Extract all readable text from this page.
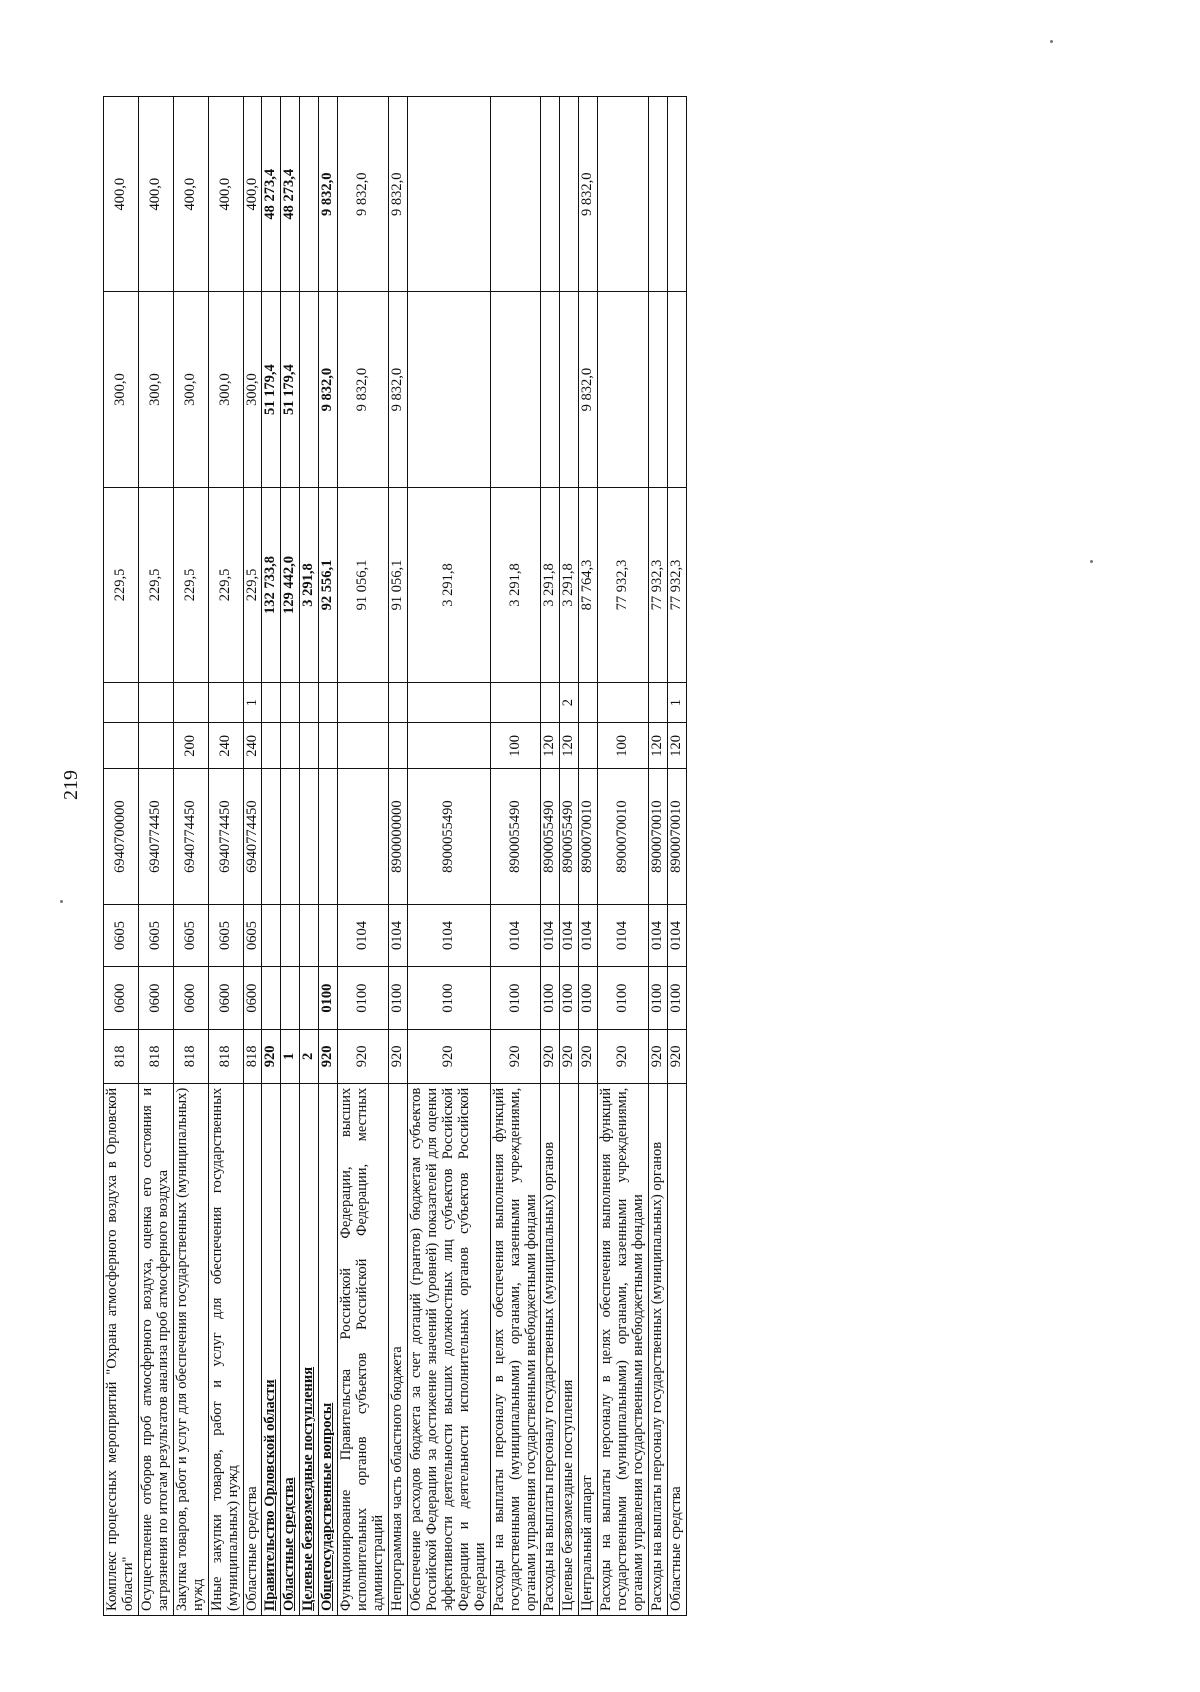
219
Комплекс процессных мероприятий "Охрана атмосферного воздуха в Орловской области"	818	0600	0605	6940700000			229,5	300,0	400,0
Осуществление отборов проб атмосферного воздуха, оценка его состояния и загрязнения по итогам результатов анализа проб атмосферного воздуха	818	0600	0605	6940774450			229,5	300,0	400,0
Закупка товаров, работ и услуг для обеспечения государственных (муниципальных) нужд	818	0600	0605	6940774450	200		229,5	300,0	400,0
Иные закупки товаров, работ и услуг для обеспечения государственных (муниципальных) нужд	818	0600	0605	6940774450	240		229,5	300,0	400,0
Областные средства	818	0600	0605	6940774450	240	1	229,5	300,0	400,0
Правительство Орловской области	920						132 733,8	51 179,4	48 273,4
Областные средства	1						129 442,0	51 179,4	48 273,4
Целевые безвозмездные поступления	2						3 291,8		
Общегосударственные вопросы	920	0100					92 556,1	9 832,0	9 832,0
Функционирование Правительства Российской Федерации, высших исполнительных органов субъектов Российской Федерации, местных администраций	920	0100	0104				91 056,1	9 832,0	9 832,0
Непрограммная часть областного бюджета	920	0100	0104	8900000000			91 056,1	9 832,0	9 832,0
Обеспечение расходов бюджета за счет дотаций (грантов) бюджетам субъектов Российской Федерации за достижение значений (уровней) показателей для оценки эффективности деятельности высших должностных лиц субъектов Российской Федерации и деятельности исполнительных органов субъектов Российской Федерации	920	0100	0104	8900055490			3 291,8		
Расходы на выплаты персоналу в целях обеспечения выполнения функций государственными (муниципальными) органами, казенными учреждениями, органами управления государственными внебюджетными фондами	920	0100	0104	8900055490	100		3 291,8		
Расходы на выплаты персоналу государственных (муниципальных) органов	920	0100	0104	8900055490	120		3 291,8		
Целевые безвозмездные поступления	920	0100	0104	8900055490	120	2	3 291,8		
Центральный аппарат	920	0100	0104	8900070010			87 764,3	9 832,0	9 832,0
Расходы на выплаты персоналу в целях обеспечения выполнения функций государственными (муниципальными) органами, казенными учреждениями, органами управления государственными внебюджетными фондами	920	0100	0104	8900070010	100		77 932,3		
Расходы на выплаты персоналу государственных (муниципальных) органов	920	0100	0104	8900070010	120		77 932,3		
Областные средства	920	0100	0104	8900070010	120	1	77 932,3		
